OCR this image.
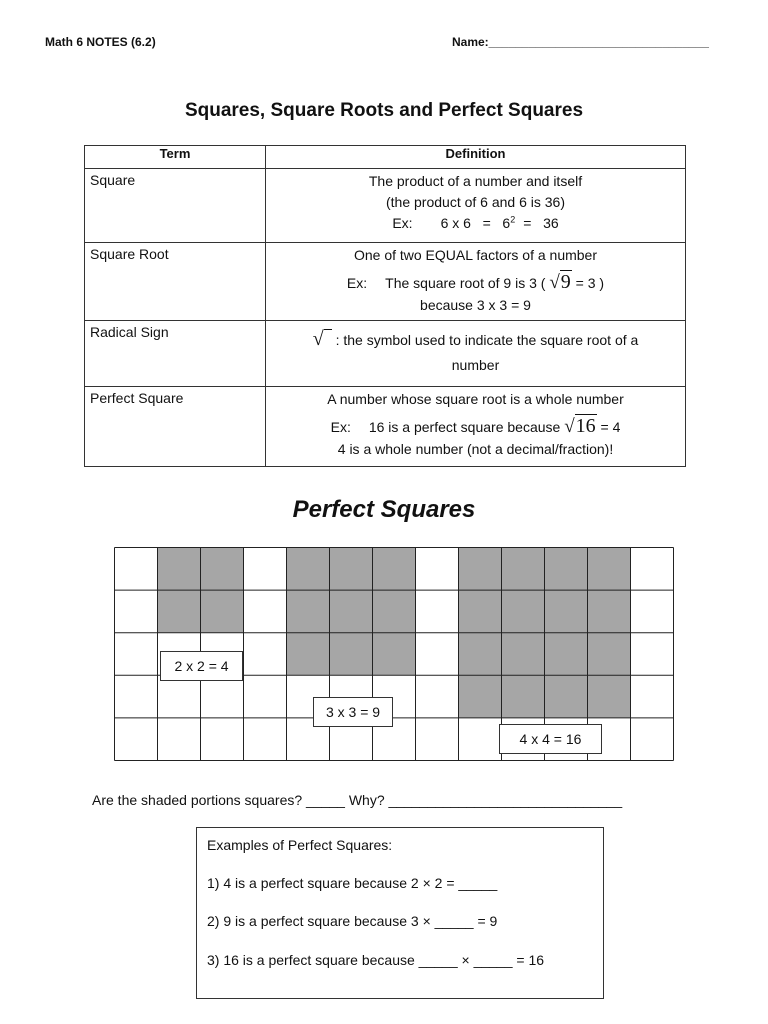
Math 6 NOTES (6.2)	Name:_________________________________
Squares, Square Roots and Perfect Squares
Term	Definition
Square	The product of a number and itself
(the product of 6 and 6 is 36)
Ex: 6 x $6 = 6^2 = 36$

Square Root	One of two EQUAL factors of a number
Ex: The square root of 9 is 3 ( √9 = 3 )
because 3 x 3 = 9

Radical Sign	√ : the symbol used to indicate the square root of a number
Perfect Square	A number whose square root is a whole number
Ex: 16 is a perfect square because √16 = 4
4 is a whole number (not a decimal/fraction)!
Perfect Squares
2 x 2 = 4
3 x 3 = 9
4 x 4 = 16
Are the shaded portions squares? _____ Why? ______________________________
Examples of Perfect Squares:
1) 4 is a perfect square because 2 × 2 = _____
2) 9 is a perfect square because 3 × _____ = 9
3) 16 is a perfect square because _____ × _____ = 16
